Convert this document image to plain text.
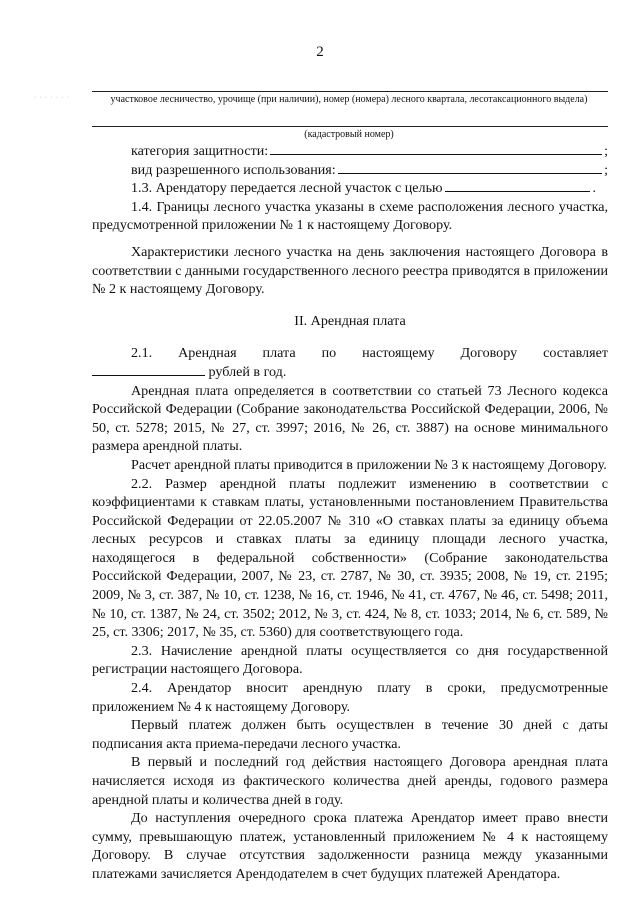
2
· · · · · · ·	участковое лесничество, урочище (при наличии), номер (номера) лесного квартала, лесотаксационного выдела)
(кадастровый номер)
категория защитности:	;
вид разрешенного использования:	;
1.3. Арендатору передается лесной участок с целью	.

1.4. Границы лесного участка указаны в схеме расположения лесного участка, предусмотренной приложении № 1 к настоящему Договору.

Характеристики лесного участка на день заключения настоящего Договора в соответствии с данными государственного лесного реестра приводятся в приложении № 2 к настоящему Договору.

II. Арендная плата

2.1. Арендная плата по настоящему Договору составляет

рублей в год.

Арендная плата определяется в соответствии со статьей 73 Лесного кодекса Российской Федерации (Собрание законодательства Российской Федерации, 2006, № 50, ст. 5278; 2015, № 27, ст. 3997; 2016, № 26, ст. 3887) на основе минимального размера арендной платы.

Расчет арендной платы приводится в приложении № 3 к настоящему Договору.

2.2. Размер арендной платы подлежит изменению в соответствии с коэффициентами к ставкам платы, установленными постановлением Правительства Российской Федерации от 22.05.2007 № 310 «О ставках платы за единицу объема лесных ресурсов и ставках платы за единицу площади лесного участка, находящегося в федеральной собственности» (Собрание законодательства Российской Федерации, 2007, № 23, ст. 2787, № 30, ст. 3935; 2008, № 19, ст. 2195; 2009, № 3, ст. 387, № 10, ст. 1238, № 16, ст. 1946, № 41, ст. 4767, № 46, ст. 5498; 2011, № 10, ст. 1387, № 24, ст. 3502; 2012, № 3, ст. 424, № 8, ст. 1033; 2014, № 6, ст. 589, № 25, ст. 3306; 2017, № 35, ст. 5360) для соответствующего года.

2.3. Начисление арендной платы осуществляется со дня государственной регистрации настоящего Договора.

2.4. Арендатор вносит арендную плату в сроки, предусмотренные приложением № 4 к настоящему Договору.

Первый платеж должен быть осуществлен в течение 30 дней с даты подписания акта приема-передачи лесного участка.

В первый и последний год действия настоящего Договора арендная плата начисляется исходя из фактического количества дней аренды, годового размера арендной платы и количества дней в году.

До наступления очередного срока платежа Арендатор имеет право внести сумму, превышающую платеж, установленный приложением № 4 к настоящему Договору. В случае отсутствия задолженности разница между указанными платежами зачисляется Арендодателем в счет будущих платежей Арендатора.
